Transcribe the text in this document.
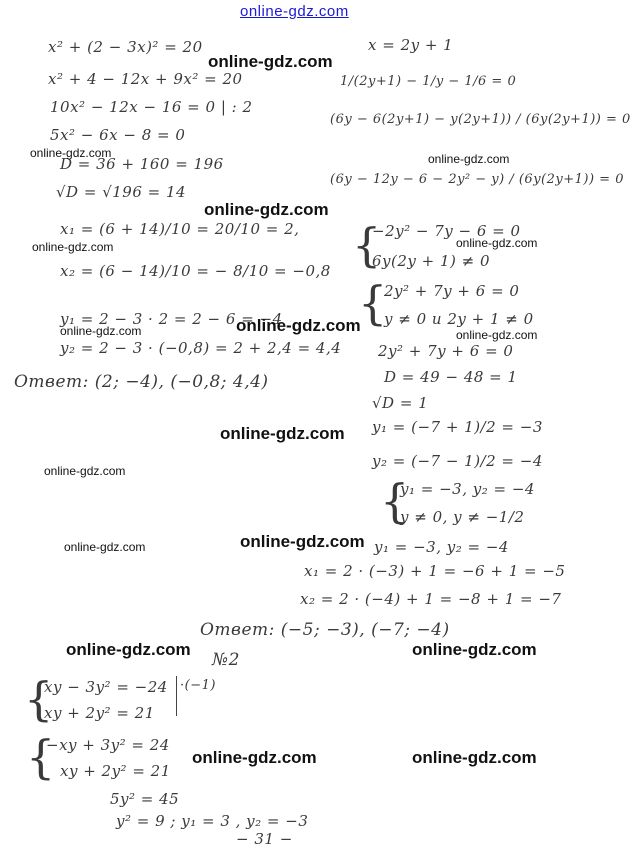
online-gdz.com
x² + (2 − 3x)² = 20
x² + 4 − 12x + 9x² = 20
10x² − 12x − 16 = 0 | : 2
5x² − 6x − 8 = 0
D = 36 + 160 = 196
√D = √196 = 14
x₁ = (6 + 14)/10 = 20/10 = 2,
x₂ = (6 − 14)/10 = − 8/10 = −0,8
y₁ = 2 − 3 · 2 = 2 − 6 = −4
y₂ = 2 − 3 · (−0,8) = 2 + 2,4 = 4,4
Ответ: (2; −4), (−0,8; 4,4)
x = 2y + 1
1/(2y+1) − 1/y − 1/6 = 0
(6y − 6(2y+1) − y(2y+1)) / (6y(2y+1)) = 0
(6y − 12y − 6 − 2y² − y) / (6y(2y+1)) = 0
{
−2y² − 7y − 6 = 0
6y(2y + 1) ≠ 0
{
2y² + 7y + 6 = 0
y ≠ 0 и 2y + 1 ≠ 0
2y² + 7y + 6 = 0
D = 49 − 48 = 1
√D = 1
y₁ = (−7 + 1)/2 = −3
y₂ = (−7 − 1)/2 = −4
{
y₁ = −3, y₂ = −4
y ≠ 0, y ≠ −1/2
y₁ = −3, y₂ = −4
x₁ = 2 · (−3) + 1 = −6 + 1 = −5
x₂ = 2 · (−4) + 1 = −8 + 1 = −7
Ответ: (−5; −3), (−7; −4)
№2
{
xy − 3y² = −24
xy + 2y² = 21
·(−1)
{
−xy + 3y² = 24
xy + 2y² = 21
5y² = 45
y² = 9 ; y₁ = 3 , y₂ = −3
− 31 −
online-gdz.com
online-gdz.com
online-gdz.com
online-gdz.com
online-gdz.com
online-gdz.com	online-gdz.com
online-gdz.com	online-gdz.com
online-gdz.com	online-gdz.com
online-gdz.com	online-gdz.com
online-gdz.com	online-gdz.com
online-gdz.com
online-gdz.com
